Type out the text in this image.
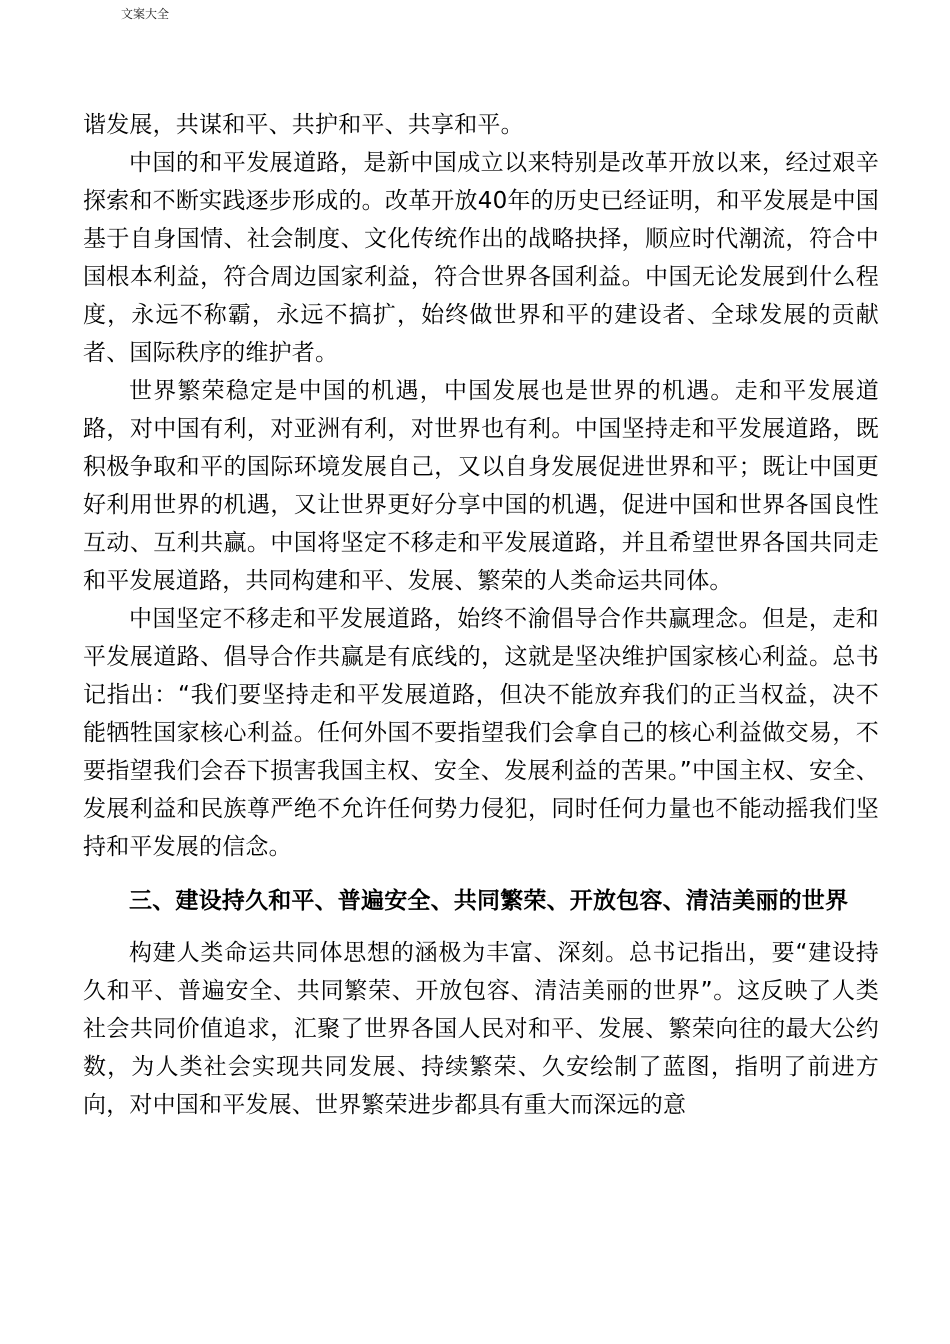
文案大全

谐发展，共谋和平、共护和平、共享和平。

中国的和平发展道路，是新中国成立以来特别是改革开放以来，经过艰辛探索和不断实践逐步形成的。改革开放40年的历史已经证明，和平发展是中国基于自身国情、社会制度、文化传统作出的战略抉择，顺应时代潮流，符合中国根本利益，符合周边国家利益，符合世界各国利益。中国无论发展到什么程度，永远不称霸，永远不搞扩，始终做世界和平的建设者、全球发展的贡献者、国际秩序的维护者。

世界繁荣稳定是中国的机遇，中国发展也是世界的机遇。走和平发展道路，对中国有利，对亚洲有利，对世界也有利。中国坚持走和平发展道路，既积极争取和平的国际环境发展自己，又以自身发展促进世界和平；既让中国更好利用世界的机遇，又让世界更好分享中国的机遇，促进中国和世界各国良性互动、互利共赢。中国将坚定不移走和平发展道路，并且希望世界各国共同走和平发展道路，共同构建和平、发展、繁荣的人类命运共同体。

中国坚定不移走和平发展道路，始终不渝倡导合作共赢理念。但是，走和平发展道路、倡导合作共赢是有底线的，这就是坚决维护国家核心利益。总书记指出：“我们要坚持走和平发展道路，但决不能放弃我们的正当权益，决不能牺牲国家核心利益。任何外国不要指望我们会拿自己的核心利益做交易，不要指望我们会吞下损害我国主权、安全、发展利益的苦果。”中国主权、安全、发展利益和民族尊严绝不允许任何势力侵犯，同时任何力量也不能动摇我们坚持和平发展的信念。

三、建设持久和平、普遍安全、共同繁荣、开放包容、清洁美丽的世界

构建人类命运共同体思想的涵极为丰富、深刻。总书记指出，要“建设持久和平、普遍安全、共同繁荣、开放包容、清洁美丽的世界”。这反映了人类社会共同价值追求，汇聚了世界各国人民对和平、发展、繁荣向往的最大公约数，为人类社会实现共同发展、持续繁荣、久安绘制了蓝图，指明了前进方向，对中国和平发展、世界繁荣进步都具有重大而深远的意
